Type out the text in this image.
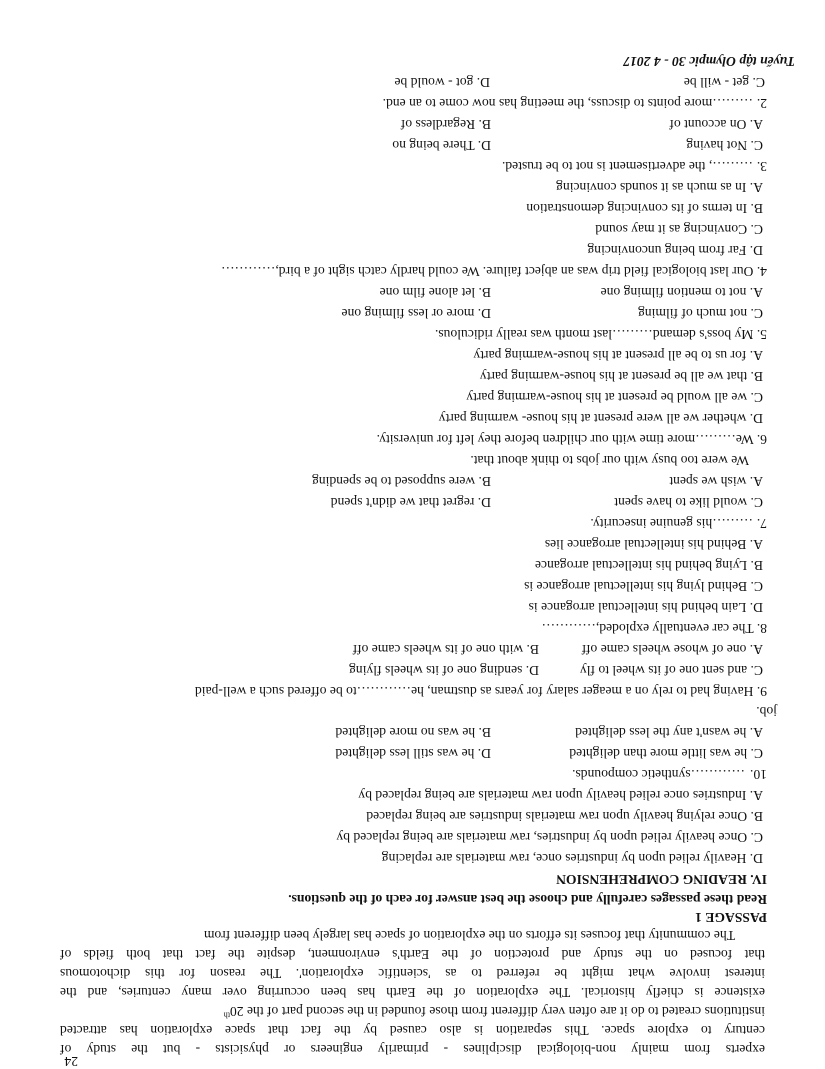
Tuyển tập Olympic 30 - 4 2017
C. get - will be
D. got - would be
2.
………more points to discuss, the meeting has now come to an end.
A. On account of
B. Regardless of
C. Not having
D. There being no
3.
………, the advertisement is not to be trusted.
A. In as much as it sounds convincing
B. In terms of its convincing demonstration
C. Convincing as it may sound
D. Far from being unconvincing
4. Our last biological field trip was an abject failure. We could hardly catch sight of a bird,…………
A. not to mention filming one
B. let alone film one
C. not much of filming
D. more or less filming one
5. My boss's demand………last month was really ridiculous.
A. for us to be all present at his house-warming party
B. that we all be present at his house-warming party
C. we all would be present at his house-warming party
D. whether we all were present at his house- warming party
6. We………more time with our children before they left for university.
We were too busy with our jobs to think about that.
A. wish we spent
B. were supposed to be spending
C. would like to have spent
D. regret that we didn't spend
7.
………his genuine insecurity.
A. Behind his intellectual arrogance lies
B. Lying behind his intellectual arrogance
C. Behind lying his intellectual arrogance is
D. Lain behind his intellectual arrogance is
8. The car eventually exploded,…………
A. one of whose wheels came off
B. with one of its wheels came off
C. and sent one of its wheel to fly
D. sending one of its wheels flying
9. Having had to rely on a meager salary for years as dustman, he…………to be offered such a well-paid
job.
A. he wasn't any the less delighted
B. he was no more delighted
C. he was little more than delighted
D. he was still less delighted
10.
…………synthetic compounds.
A. Industries once relied heavily upon raw materials are being replaced by
B. Once relying heavily upon raw materials industries are being replaced
C. Once heavily relied upon by industries, raw materials are being replaced by
D. Heavily relied upon by industries once, raw materials are replacing
IV. READING COMPREHENSION
Read these passages carefully and choose the best answer for each of the questions.
PASSAGE 1
The community that focuses its efforts on the exploration of space has largely been different from
that focused on the study and protection of the Earth's environment, despite the fact that both fields of
interest involve what might be referred to as 'scientific exploration'. The reason for this dichotomous
existence is chiefly historical. The exploration of the Earth has been occurring over many centuries, and the
institutions created to do it are often very different from those founded in the second part of the 20th
century to explore space. This separation is also caused by the fact that space exploration has attracted
experts from mainly non-biological disciplines - primarily engineers or physicists - but the study of
24
